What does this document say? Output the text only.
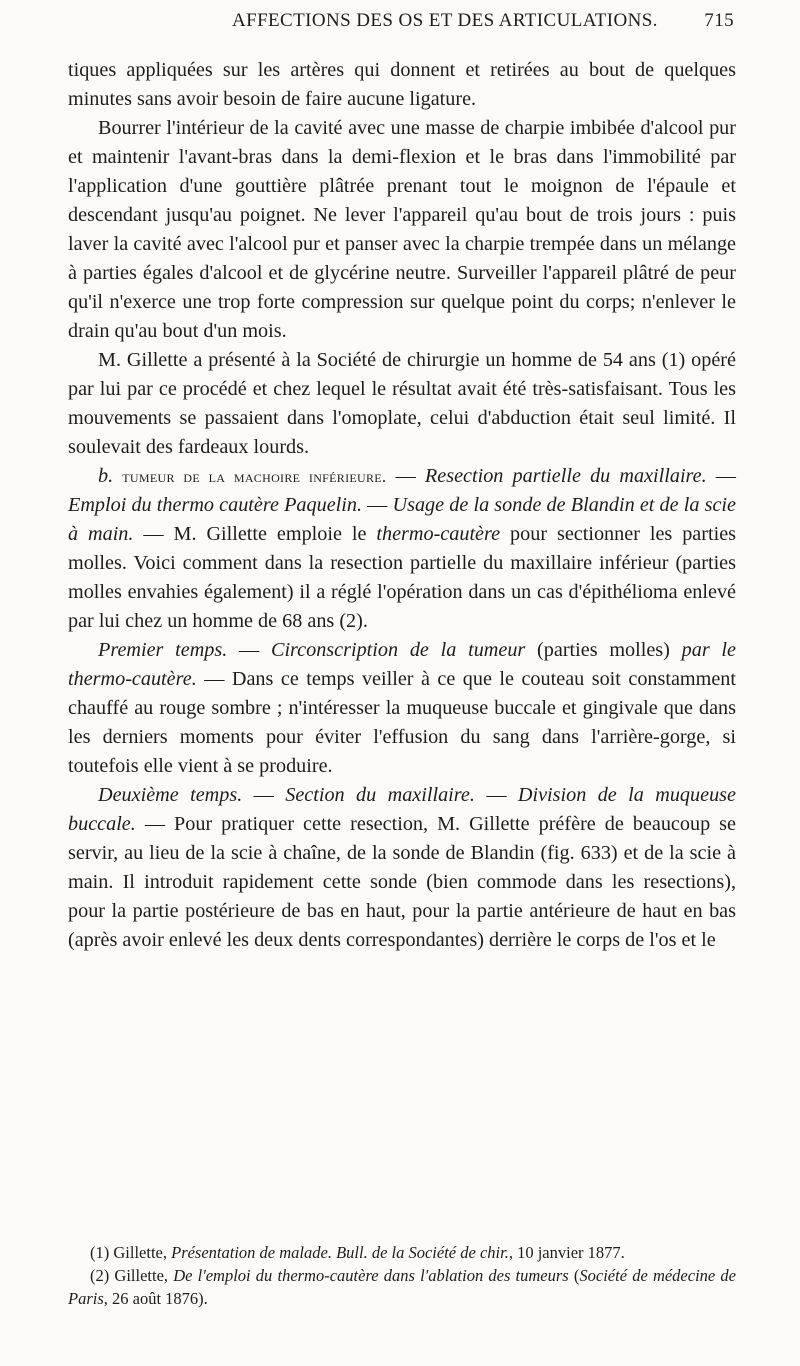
AFFECTIONS DES OS ET DES ARTICULATIONS. 715

tiques appliquées sur les artères qui donnent et retirées au bout de quelques minutes sans avoir besoin de faire aucune ligature.

Bourrer l'intérieur de la cavité avec une masse de charpie imbibée d'alcool pur et maintenir l'avant-bras dans la demi-flexion et le bras dans l'immobilité par l'application d'une gouttière plâtrée prenant tout le moignon de l'épaule et descendant jusqu'au poignet. Ne lever l'appareil qu'au bout de trois jours : puis laver la cavité avec l'alcool pur et panser avec la charpie trempée dans un mélange à parties égales d'alcool et de glycérine neutre. Surveiller l'appareil plâtré de peur qu'il n'exerce une trop forte compression sur quelque point du corps; n'enlever le drain qu'au bout d'un mois.

M. Gillette a présenté à la Société de chirurgie un homme de 54 ans (1) opéré par lui par ce procédé et chez lequel le résultat avait été très-satisfaisant. Tous les mouvements se passaient dans l'omoplate, celui d'abduction était seul limité. Il soulevait des fardeaux lourds.

b. tumeur de la machoire inférieure. — Resection partielle du maxillaire. — Emploi du thermo cautère Paquelin. — Usage de la sonde de Blandin et de la scie à main. — M. Gillette emploie le thermo-cautère pour sectionner les parties molles. Voici comment dans la resection partielle du maxillaire inférieur (parties molles envahies également) il a réglé l'opération dans un cas d'épithélioma enlevé par lui chez un homme de 68 ans (2).

Premier temps. — Circonscription de la tumeur (parties molles) par le thermo-cautère. — Dans ce temps veiller à ce que le couteau soit constamment chauffé au rouge sombre ; n'intéresser la muqueuse buccale et gingivale que dans les derniers moments pour éviter l'effusion du sang dans l'arrière-gorge, si toutefois elle vient à se produire.

Deuxième temps. — Section du maxillaire. — Division de la muqueuse buccale. — Pour pratiquer cette resection, M. Gillette préfère de beaucoup se servir, au lieu de la scie à chaîne, de la sonde de Blandin (fig. 633) et de la scie à main. Il introduit rapidement cette sonde (bien commode dans les resections), pour la partie postérieure de bas en haut, pour la partie antérieure de haut en bas (après avoir enlevé les deux dents correspondantes) derrière le corps de l'os et le

(1) Gillette, Présentation de malade. Bull. de la Société de chir., 10 janvier 1877.

(2) Gillette, De l'emploi du thermo-cautère dans l'ablation des tumeurs (Société de médecine de Paris, 26 août 1876).
